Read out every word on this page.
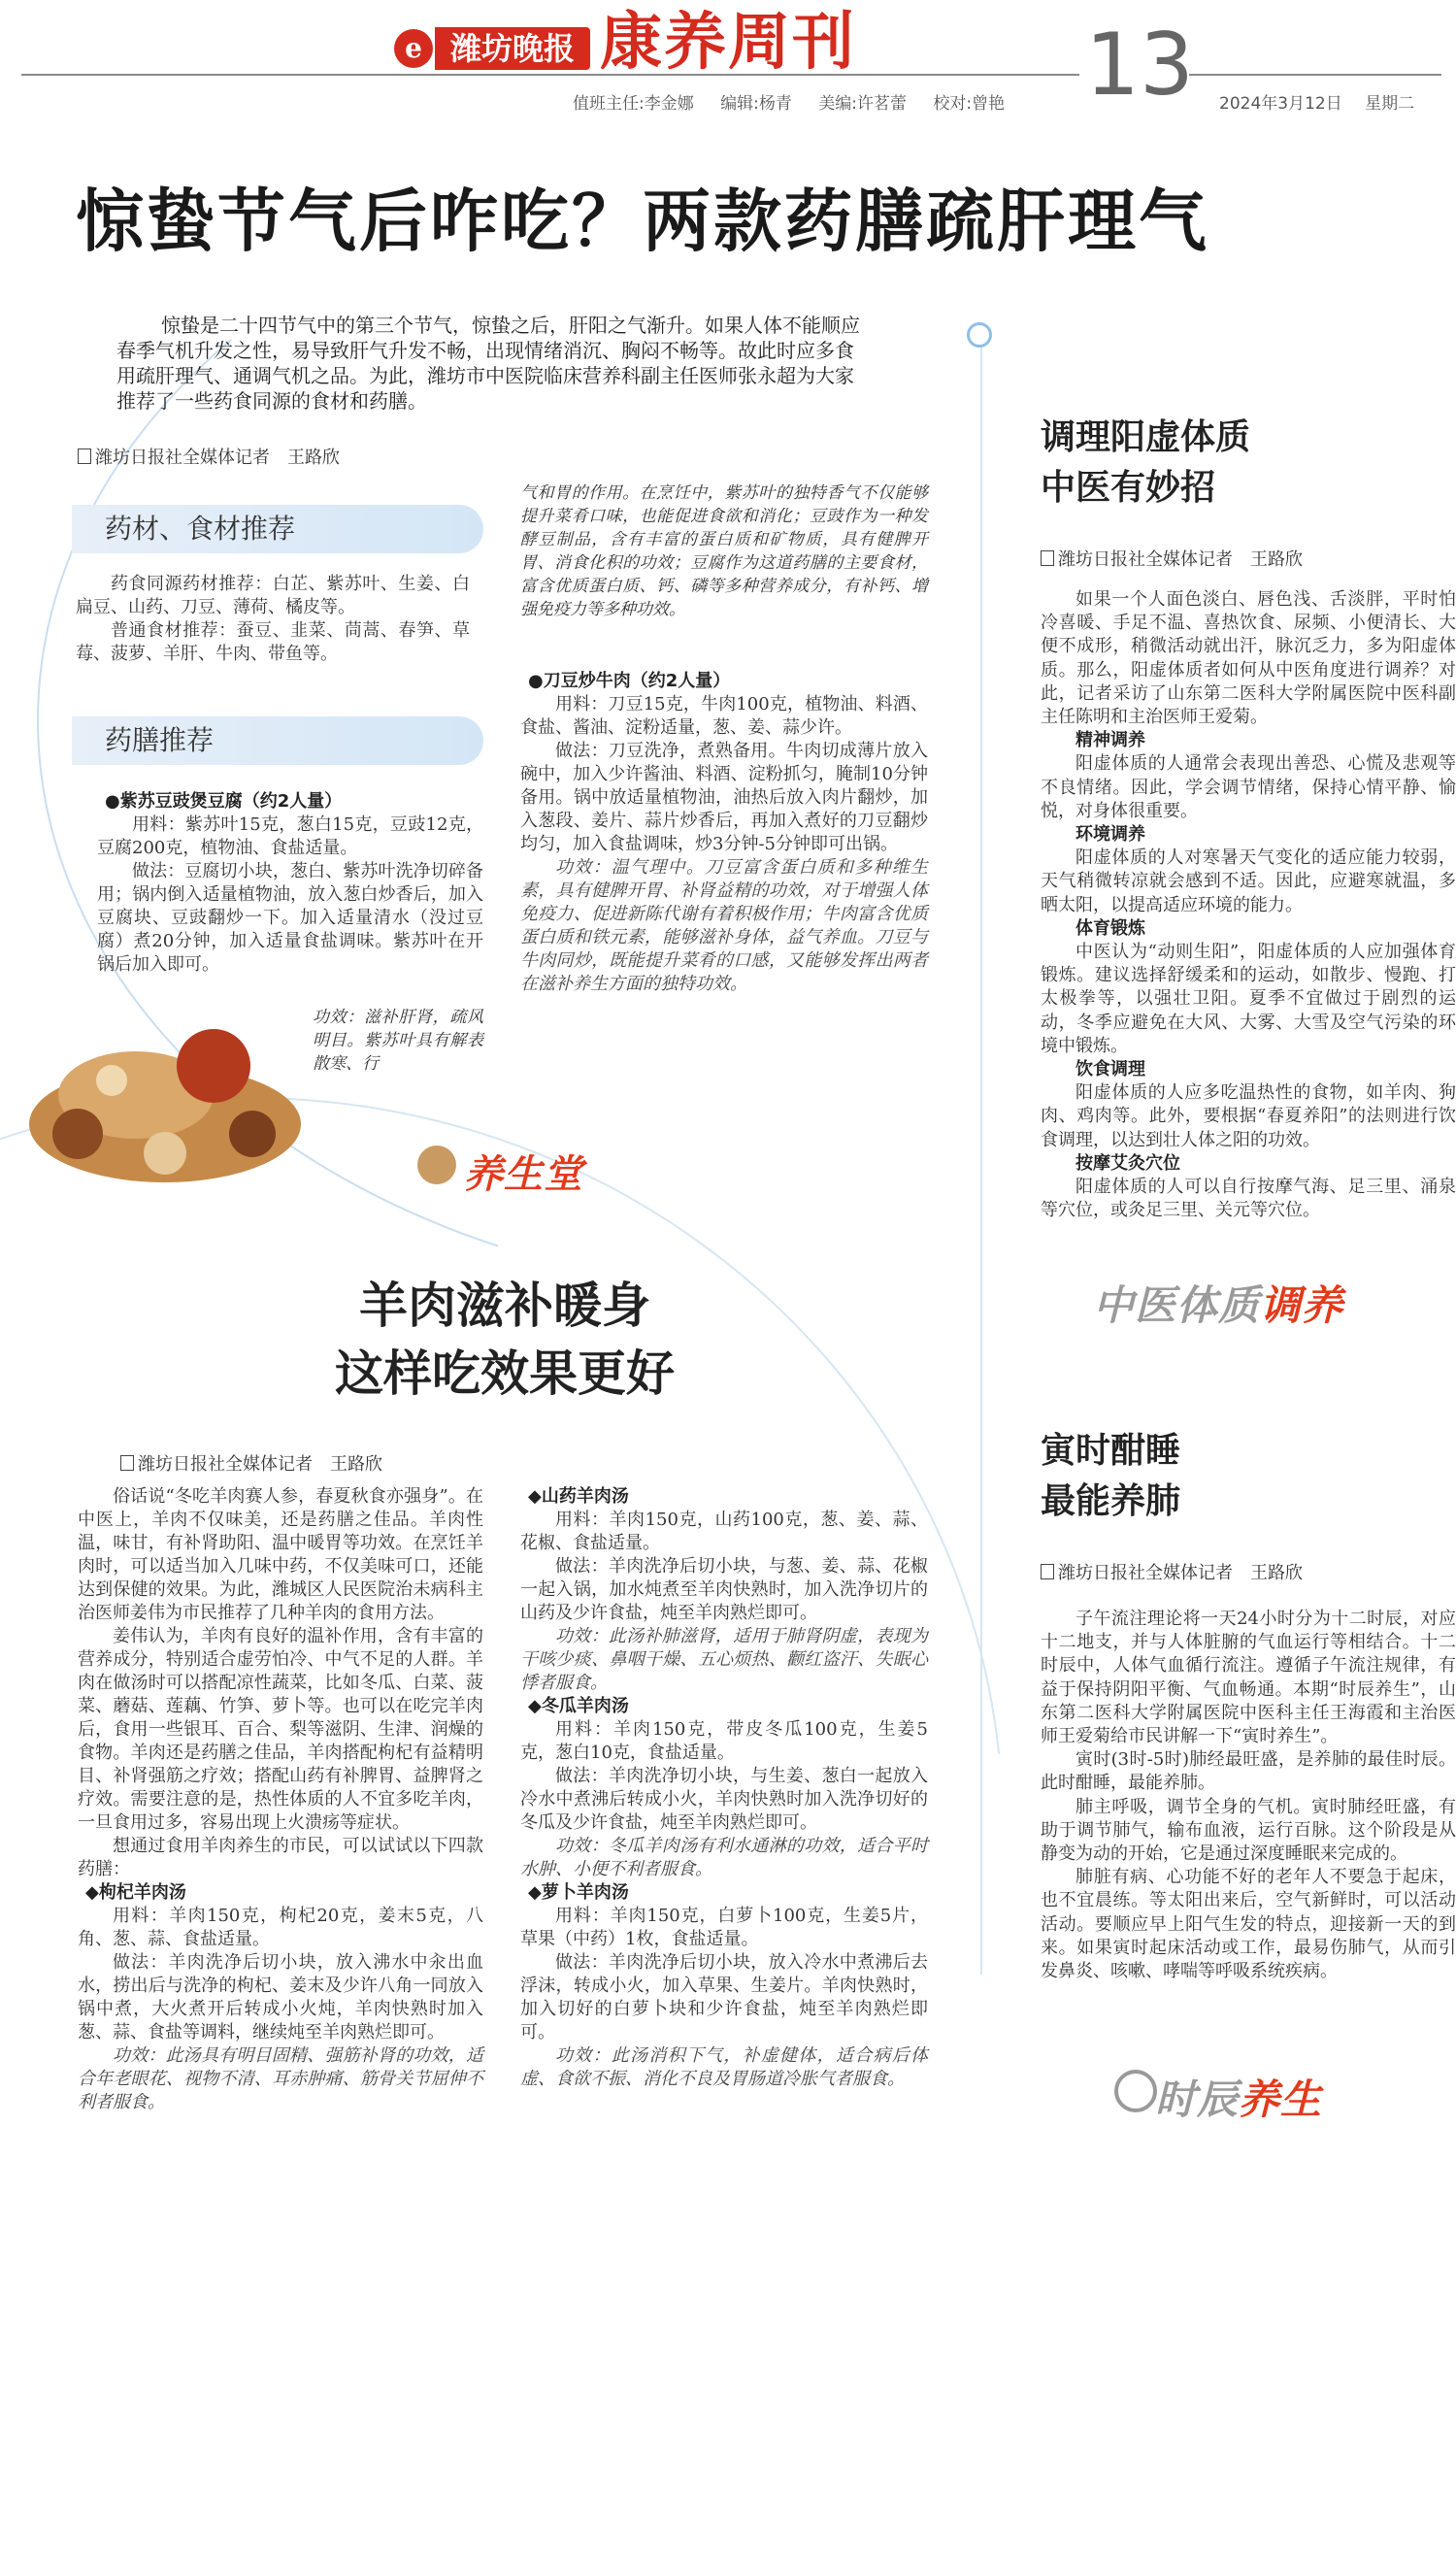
e 潍坊晚报 康养周刊	13
值班主任:李金娜 编辑:杨青 美编:许茗蕾 校对:曾艳	2024年3月12日 星期二
惊蛰节气后咋吃？两款药膳疏肝理气

惊蛰是二十四节气中的第三个节气，惊蛰之后，肝阳之气渐升。如果人体不能顺应春季气机升发之性，易导致肝气升发不畅，出现情绪消沉、胸闷不畅等。故此时应多食用疏肝理气、通调气机之品。为此，潍坊市中医院临床营养科副主任医师张永超为大家推荐了一些药食同源的食材和药膳。

潍坊日报社全媒体记者 王路欣
药材、食材推荐

药食同源药材推荐：白芷、紫苏叶、生姜、白扁豆、山药、刀豆、薄荷、橘皮等。

普通食材推荐：蚕豆、韭菜、茼蒿、春笋、草莓、菠萝、羊肝、牛肉、带鱼等。

药膳推荐

●紫苏豆豉煲豆腐（约2人量）

用料：紫苏叶15克，葱白15克，豆豉12克，豆腐200克，植物油、食盐适量。

做法：豆腐切小块，葱白、紫苏叶洗净切碎备用；锅内倒入适量植物油，放入葱白炒香后，加入豆腐块、豆豉翻炒一下。加入适量清水（没过豆腐）煮20分钟，加入适量食盐调味。紫苏叶在开锅后加入即可。

功效：滋补肝肾，疏风明目。紫苏叶具有解表散寒、行
气和胃的作用。在烹饪中，紫苏叶的独特香气不仅能够提升菜肴口味，也能促进食欲和消化；豆豉作为一种发酵豆制品，含有丰富的蛋白质和矿物质，具有健脾开胃、消食化积的功效；豆腐作为这道药膳的主要食材，富含优质蛋白质、钙、磷等多种营养成分，有补钙、增强免疫力等多种功效。

●刀豆炒牛肉（约2人量）

用料：刀豆15克，牛肉100克，植物油、料酒、食盐、酱油、淀粉适量，葱、姜、蒜少许。

做法：刀豆洗净，煮熟备用。牛肉切成薄片放入碗中，加入少许酱油、料酒、淀粉抓匀，腌制10分钟备用。锅中放适量植物油，油热后放入肉片翻炒，加入葱段、姜片、蒜片炒香后，再加入煮好的刀豆翻炒均匀，加入食盐调味，炒3分钟-5分钟即可出锅。

功效：温气理中。刀豆富含蛋白质和多种维生素，具有健脾开胃、补肾益精的功效，对于增强人体免疫力、促进新陈代谢有着积极作用；牛肉富含优质蛋白质和铁元素，能够滋补身体，益气养血。刀豆与牛肉同炒，既能提升菜肴的口感，又能够发挥出两者在滋补养生方面的独特功效。

养生堂
羊肉滋补暖身
这样吃效果更好
潍坊日报社全媒体记者 王路欣

俗话说“冬吃羊肉赛人参，春夏秋食亦强身”。在中医上，羊肉不仅味美，还是药膳之佳品。羊肉性温，味甘，有补肾助阳、温中暖胃等功效。在烹饪羊肉时，可以适当加入几味中药，不仅美味可口，还能达到保健的效果。为此，潍城区人民医院治未病科主治医师姜伟为市民推荐了几种羊肉的食用方法。

姜伟认为，羊肉有良好的温补作用，含有丰富的营养成分，特别适合虚劳怕冷、中气不足的人群。羊肉在做汤时可以搭配凉性蔬菜，比如冬瓜、白菜、菠菜、蘑菇、莲藕、竹笋、萝卜等。也可以在吃完羊肉后，食用一些银耳、百合、梨等滋阴、生津、润燥的食物。羊肉还是药膳之佳品，羊肉搭配枸杞有益精明目、补肾强筋之疗效；搭配山药有补脾胃、益脾肾之疗效。需要注意的是，热性体质的人不宜多吃羊肉，一旦食用过多，容易出现上火溃疡等症状。

想通过食用羊肉养生的市民，可以试试以下四款药膳：

◆枸杞羊肉汤

用料：羊肉150克，枸杞20克，姜末5克，八角、葱、蒜、食盐适量。

做法：羊肉洗净后切小块，放入沸水中汆出血水，捞出后与洗净的枸杞、姜末及少许八角一同放入锅中煮，大火煮开后转成小火炖，羊肉快熟时加入葱、蒜、食盐等调料，继续炖至羊肉熟烂即可。

功效：此汤具有明目固精、强筋补肾的功效，适合年老眼花、视物不清、耳赤肿痛、筋骨关节屈伸不利者服食。

◆山药羊肉汤

用料：羊肉150克，山药100克，葱、姜、蒜、花椒、食盐适量。

做法：羊肉洗净后切小块，与葱、姜、蒜、花椒一起入锅，加水炖煮至羊肉快熟时，加入洗净切片的山药及少许食盐，炖至羊肉熟烂即可。

功效：此汤补肺滋肾，适用于肺肾阴虚，表现为干咳少痰、鼻咽干燥、五心烦热、颧红盗汗、失眠心悸者服食。

◆冬瓜羊肉汤

用料：羊肉150克，带皮冬瓜100克，生姜5克，葱白10克，食盐适量。

做法：羊肉洗净切小块，与生姜、葱白一起放入冷水中煮沸后转成小火，羊肉快熟时加入洗净切好的冬瓜及少许食盐，炖至羊肉熟烂即可。

功效：冬瓜羊肉汤有利水通淋的功效，适合平时水肿、小便不利者服食。

◆萝卜羊肉汤

用料：羊肉150克，白萝卜100克，生姜5片，草果（中药）1枚，食盐适量。

做法：羊肉洗净后切小块，放入冷水中煮沸后去浮沫，转成小火，加入草果、生姜片。羊肉快熟时，加入切好的白萝卜块和少许食盐，炖至羊肉熟烂即可。

功效：此汤消积下气，补虚健体，适合病后体虚、食欲不振、消化不良及胃肠道冷胀气者服食。

调理阳虚体质
中医有妙招
潍坊日报社全媒体记者 王路欣

如果一个人面色淡白、唇色浅、舌淡胖，平时怕冷喜暖、手足不温、喜热饮食、尿频、小便清长、大便不成形，稍微活动就出汗，脉沉乏力，多为阳虚体质。那么，阳虚体质者如何从中医角度进行调养？对此，记者采访了山东第二医科大学附属医院中医科副主任陈明和主治医师王爱菊。

精神调养

阳虚体质的人通常会表现出善恐、心慌及悲观等不良情绪。因此，学会调节情绪，保持心情平静、愉悦，对身体很重要。

环境调养

阳虚体质的人对寒暑天气变化的适应能力较弱，天气稍微转凉就会感到不适。因此，应避寒就温，多晒太阳，以提高适应环境的能力。

体育锻炼

中医认为“动则生阳”，阳虚体质的人应加强体育锻炼。建议选择舒缓柔和的运动，如散步、慢跑、打太极拳等，以强壮卫阳。夏季不宜做过于剧烈的运动，冬季应避免在大风、大雾、大雪及空气污染的环境中锻炼。

饮食调理

阳虚体质的人应多吃温热性的食物，如羊肉、狗肉、鸡肉等。此外，要根据“春夏养阳”的法则进行饮食调理，以达到壮人体之阳的功效。

按摩艾灸穴位

阳虚体质的人可以自行按摩气海、足三里、涌泉等穴位，或灸足三里、关元等穴位。

中医体质调养
寅时酣睡
最能养肺
潍坊日报社全媒体记者 王路欣

子午流注理论将一天24小时分为十二时辰，对应十二地支，并与人体脏腑的气血运行等相结合。十二时辰中，人体气血循行流注。遵循子午流注规律，有益于保持阴阳平衡、气血畅通。本期“时辰养生”，山东第二医科大学附属医院中医科主任王海霞和主治医师王爱菊给市民讲解一下“寅时养生”。

寅时(3时-5时)肺经最旺盛，是养肺的最佳时辰。此时酣睡，最能养肺。

肺主呼吸，调节全身的气机。寅时肺经旺盛，有助于调节肺气，输布血液，运行百脉。这个阶段是从静变为动的开始，它是通过深度睡眠来完成的。

肺脏有病、心功能不好的老年人不要急于起床，也不宜晨练。等太阳出来后，空气新鲜时，可以活动活动。要顺应早上阳气生发的特点，迎接新一天的到来。如果寅时起床活动或工作，最易伤肺气，从而引发鼻炎、咳嗽、哮喘等呼吸系统疾病。

时辰养生
